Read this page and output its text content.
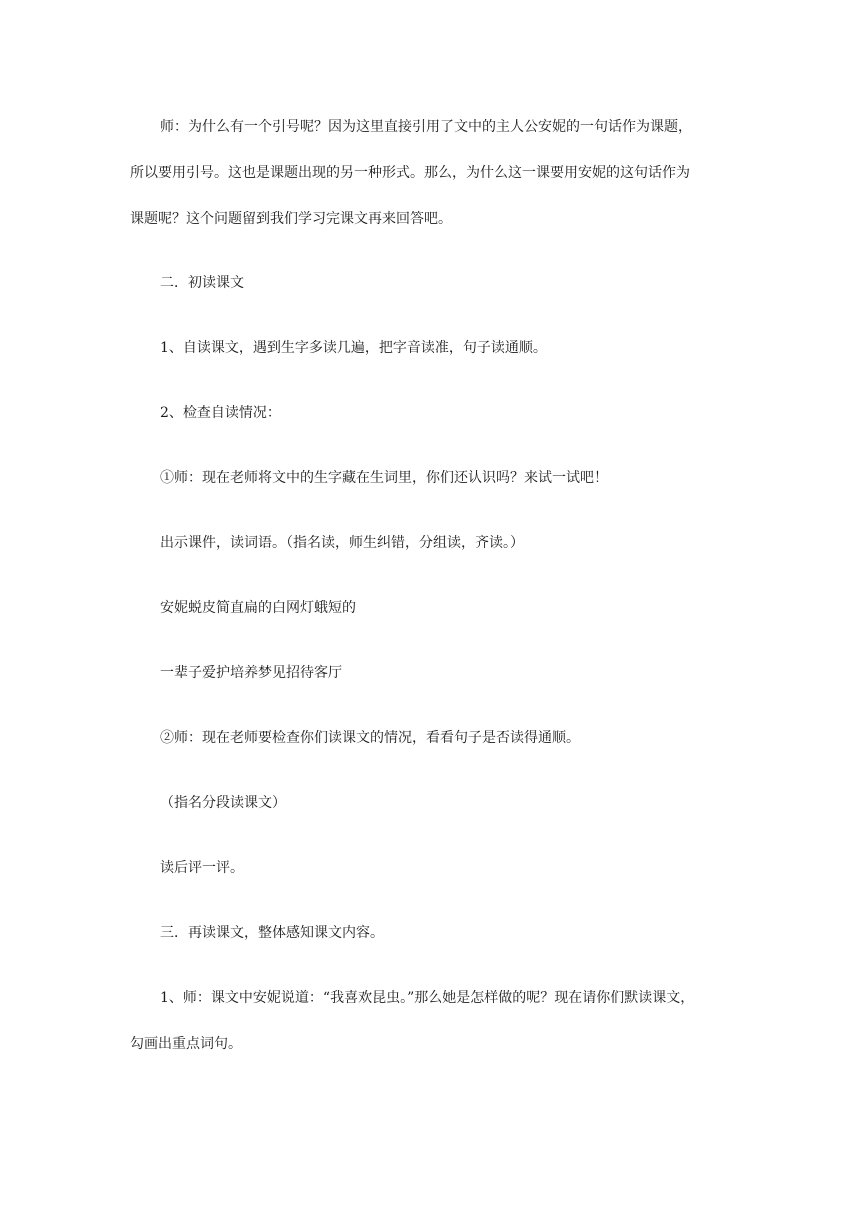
师：为什么有一个引号呢？因为这里直接引用了文中的主人公安妮的一句话作为课题，
所以要用引号。这也是课题出现的另一种形式。那么，为什么这一课要用安妮的这句话作为
课题呢？这个问题留到我们学习完课文再来回答吧。
二．初读课文
1、自读课文，遇到生字多读几遍，把字音读准，句子读通顺。
2、检查自读情况：
①师：现在老师将文中的生字藏在生词里，你们还认识吗？来试一试吧！
出示课件，读词语。（指名读，师生纠错，分组读，齐读。）
安妮蜕皮简直扁的白网灯蛾短的
一辈子爱护培养梦见招待客厅
②师：现在老师要检查你们读课文的情况，看看句子是否读得通顺。
（指名分段读课文）
读后评一评。
三．再读课文，整体感知课文内容。
1、师：课文中安妮说道：“我喜欢昆虫。”那么她是怎样做的呢？现在请你们默读课文，
勾画出重点词句。
